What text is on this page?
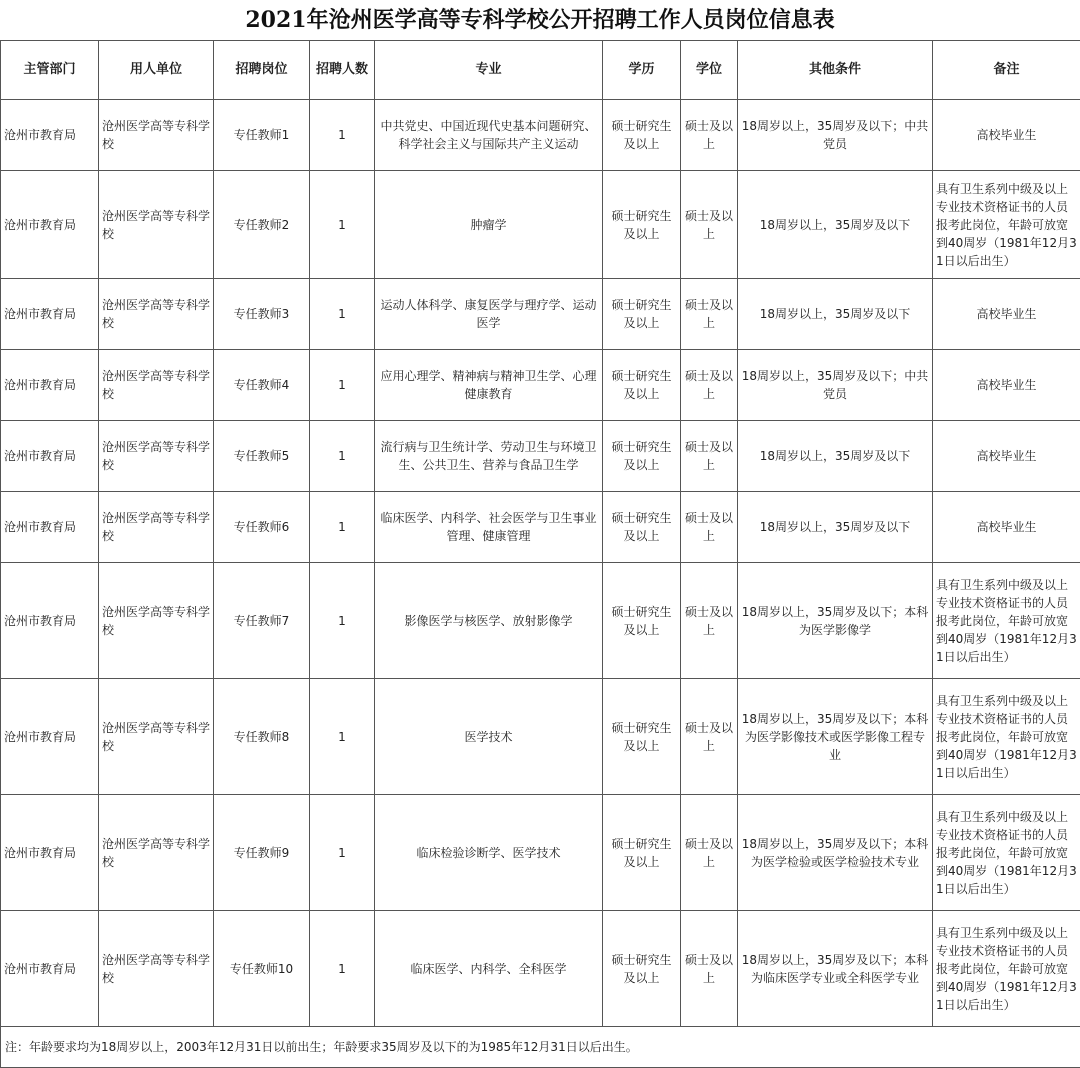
2021年沧州医学高等专科学校公开招聘工作人员岗位信息表
主管部门	用人单位	招聘岗位	招聘人数	专业	学历	学位	其他条件	备注
沧州市教育局	沧州医学高等专科学校	专任教师1	1	中共党史、中国近现代史基本问题研究、科学社会主义与国际共产主义运动	硕士研究生及以上	硕士及以上	18周岁以上，35周岁及以下；中共党员	高校毕业生
沧州市教育局	沧州医学高等专科学校	专任教师2	1	肿瘤学	硕士研究生及以上	硕士及以上	18周岁以上，35周岁及以下	具有卫生系列中级及以上专业技术资格证书的人员报考此岗位，年龄可放宽到40周岁（1981年12月31日以后出生）
沧州市教育局	沧州医学高等专科学校	专任教师3	1	运动人体科学、康复医学与理疗学、运动医学	硕士研究生及以上	硕士及以上	18周岁以上，35周岁及以下	高校毕业生
沧州市教育局	沧州医学高等专科学校	专任教师4	1	应用心理学、精神病与精神卫生学、心理健康教育	硕士研究生及以上	硕士及以上	18周岁以上，35周岁及以下；中共党员	高校毕业生
沧州市教育局	沧州医学高等专科学校	专任教师5	1	流行病与卫生统计学、劳动卫生与环境卫生、公共卫生、营养与食品卫生学	硕士研究生及以上	硕士及以上	18周岁以上，35周岁及以下	高校毕业生
沧州市教育局	沧州医学高等专科学校	专任教师6	1	临床医学、内科学、社会医学与卫生事业管理、健康管理	硕士研究生及以上	硕士及以上	18周岁以上，35周岁及以下	高校毕业生
沧州市教育局	沧州医学高等专科学校	专任教师7	1	影像医学与核医学、放射影像学	硕士研究生及以上	硕士及以上	18周岁以上，35周岁及以下；本科为医学影像学	具有卫生系列中级及以上专业技术资格证书的人员报考此岗位，年龄可放宽到40周岁（1981年12月31日以后出生）
沧州市教育局	沧州医学高等专科学校	专任教师8	1	医学技术	硕士研究生及以上	硕士及以上	18周岁以上，35周岁及以下；本科为医学影像技术或医学影像工程专业	具有卫生系列中级及以上专业技术资格证书的人员报考此岗位，年龄可放宽到40周岁（1981年12月31日以后出生）
沧州市教育局	沧州医学高等专科学校	专任教师9	1	临床检验诊断学、医学技术	硕士研究生及以上	硕士及以上	18周岁以上，35周岁及以下；本科为医学检验或医学检验技术专业	具有卫生系列中级及以上专业技术资格证书的人员报考此岗位，年龄可放宽到40周岁（1981年12月31日以后出生）
沧州市教育局	沧州医学高等专科学校	专任教师10	1	临床医学、内科学、全科医学	硕士研究生及以上	硕士及以上	18周岁以上，35周岁及以下；本科为临床医学专业或全科医学专业	具有卫生系列中级及以上专业技术资格证书的人员报考此岗位，年龄可放宽到40周岁（1981年12月31日以后出生）
注：年龄要求均为18周岁以上，2003年12月31日以前出生；年龄要求35周岁及以下的为1985年12月31日以后出生。								
